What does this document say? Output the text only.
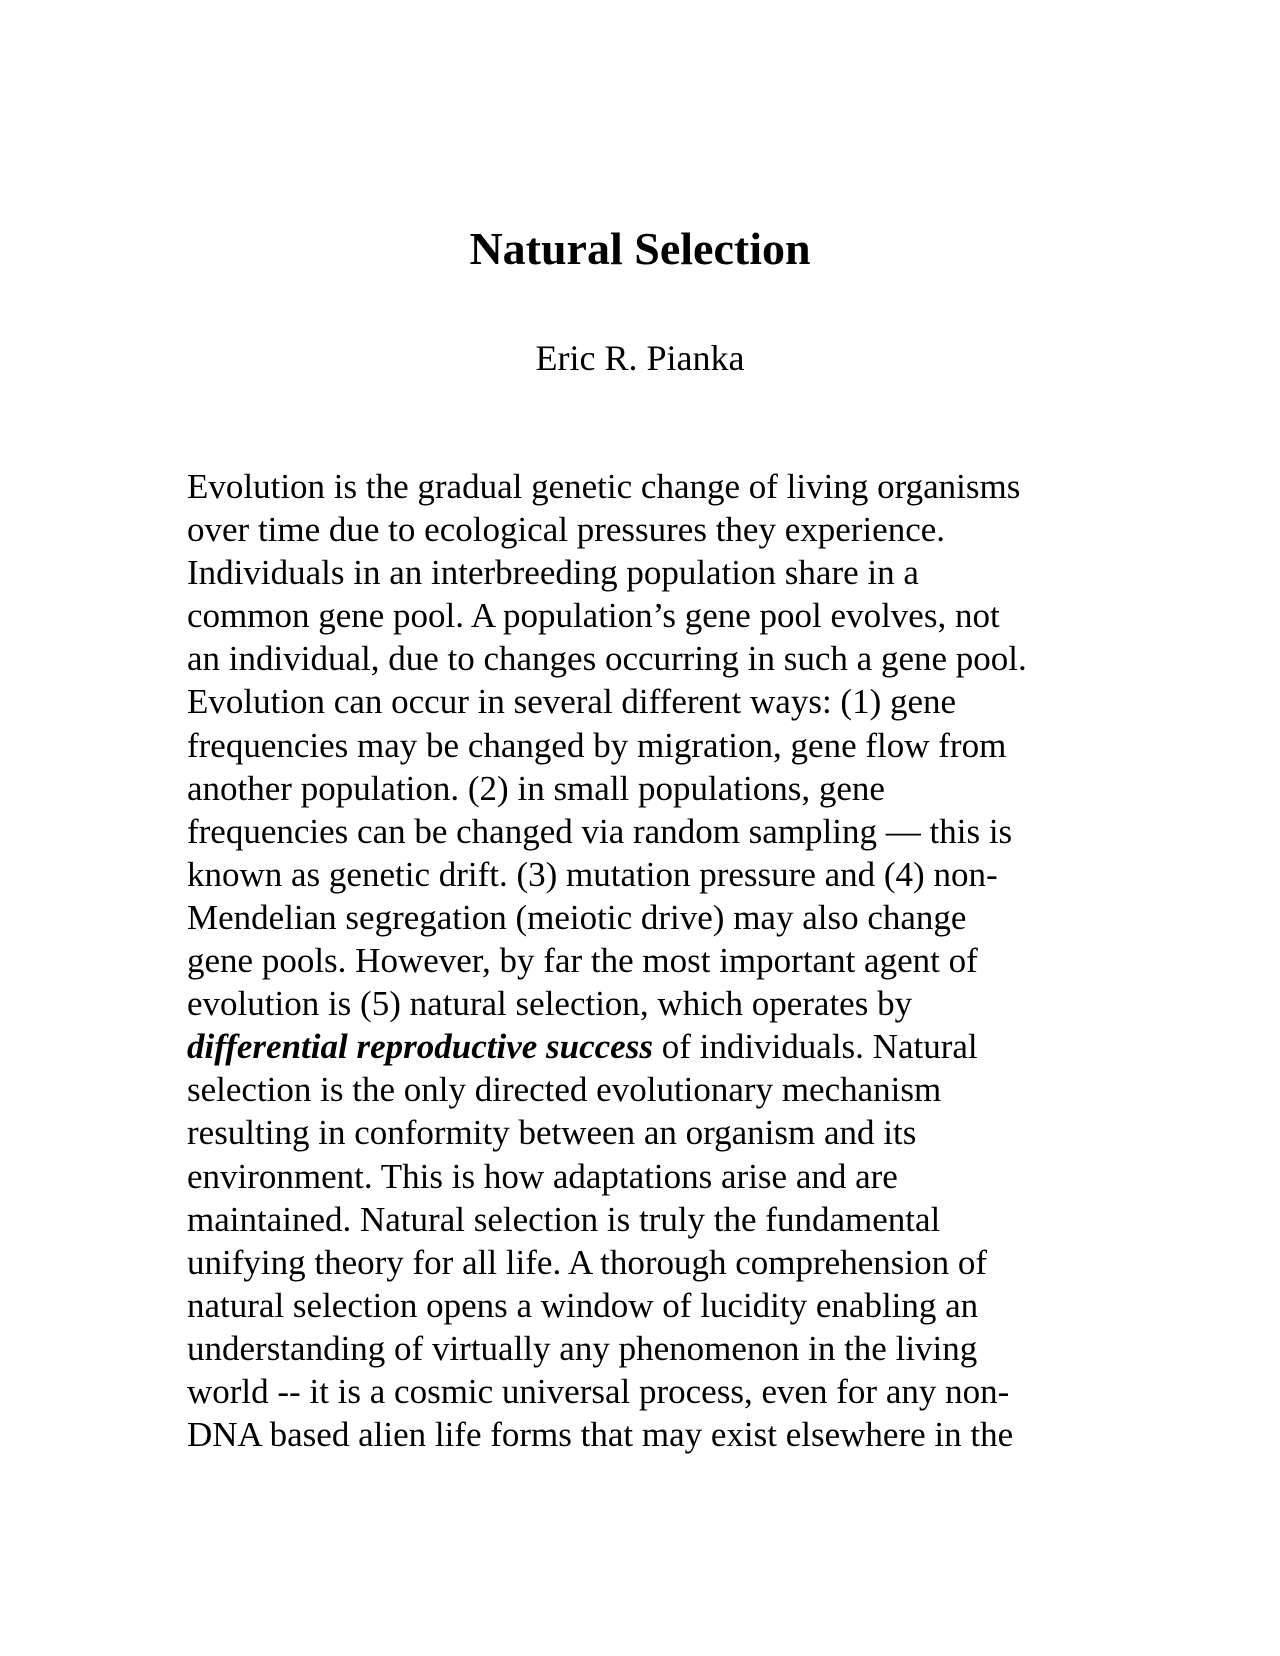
Natural Selection
Eric R. Pianka
Evolution is the gradual genetic change of living organisms
over time due to ecological pressures they experience.
Individuals in an interbreeding population share in a
common gene pool. A population’s gene pool evolves, not
an individual, due to changes occurring in such a gene pool.
Evolution can occur in several different ways: (1) gene
frequencies may be changed by migration, gene flow from
another population. (2) in small populations, gene
frequencies can be changed via random sampling — this is
known as genetic drift. (3) mutation pressure and (4) non-
Mendelian segregation (meiotic drive) may also change
gene pools. However, by far the most important agent of
evolution is (5) natural selection, which operates by
differential reproductive success of individuals. Natural
selection is the only directed evolutionary mechanism
resulting in conformity between an organism and its
environment. This is how adaptations arise and are
maintained. Natural selection is truly the fundamental
unifying theory for all life. A thorough comprehension of
natural selection opens a window of lucidity enabling an
understanding of virtually any phenomenon in the living
world -- it is a cosmic universal process, even for any non-
DNA based alien life forms that may exist elsewhere in the
